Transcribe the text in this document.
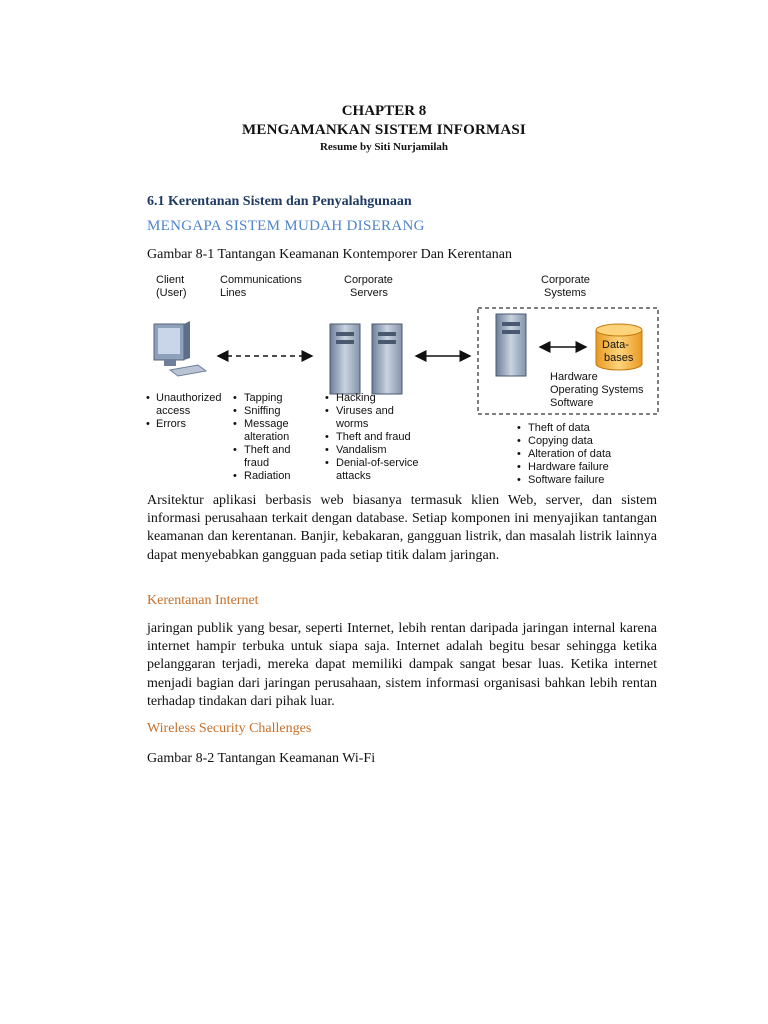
CHAPTER 8
MENGAMANKAN SISTEM INFORMASI
Resume by Siti Nurjamilah
6.1 Kerentanan Sistem dan Penyalahgunaan
MENGAPA SISTEM MUDAH DISERANG
Gambar 8-1 Tantangan Keamanan Kontemporer Dan Kerentanan
Client
(User)
Communications
Lines
Corporate
Servers
Corporate
Systems
Data-
bases
Hardware
Operating Systems
Software
• Unauthorized
access
• Errors
• Tapping
• Sniffing
• Message
alteration
• Theft and
fraud
• Radiation
• Hacking
• Viruses and
worms
• Theft and fraud
• Vandalism
• Denial-of-service
attacks
• Theft of data
• Copying data
• Alteration of data
• Hardware failure
• Software failure
Arsitektur aplikasi berbasis web biasanya termasuk klien Web, server, dan sistem informasi perusahaan terkait dengan database. Setiap komponen ini menyajikan tantangan keamanan dan kerentanan. Banjir, kebakaran, gangguan listrik, dan masalah listrik lainnya dapat menyebabkan gangguan pada setiap titik dalam jaringan.
Kerentanan Internet
jaringan publik yang besar, seperti Internet, lebih rentan daripada jaringan internal karena internet hampir terbuka untuk siapa saja. Internet adalah begitu besar sehingga ketika pelanggaran terjadi, mereka dapat memiliki dampak sangat besar luas. Ketika internet menjadi bagian dari jaringan perusahaan, sistem informasi organisasi bahkan lebih rentan terhadap tindakan dari pihak luar.
Wireless Security Challenges
Gambar 8-2 Tantangan Keamanan Wi-Fi
